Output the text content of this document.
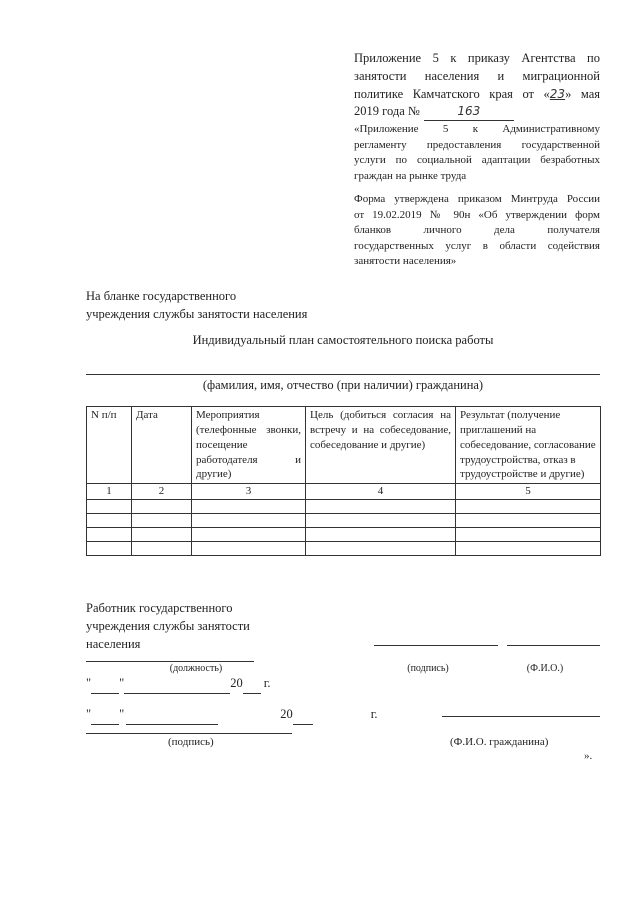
Приложение 5 к приказу Агентства по
занятости населения и миграционной
политике Камчатского края от «23» мая
2019 года №	163
«Приложение 5 к Административному
регламенту предоставления государственной
услуги по социальной адаптации безработных
граждан на рынке труда
Форма утверждена приказом Минтруда России
от 19.02.2019 № 90н «Об утверждении форм
бланков личного дела получателя
государственных услуг в области содействия
занятости населения»
На бланке государственного
учреждения службы занятости населения
Индивидуальный план самостоятельного поиска работы
(фамилия, имя, отчество (при наличии) гражданина)
N п/п	Дата	Мероприятия (телефонные звонки, посещение работодателя и другие)	Цель (добиться согласия на встречу и на собеседование, собеседование и другие)	Результат (получение приглашений на собеседование, согласование трудоустройства, отказ в трудоустройстве и другие)
1	2	3	4	5

Работник государственного
учреждения службы занятости
населения
(должность)	(подпись)	(Ф.И.О.)
" "	20 г.
" "	20	г.
(подпись)	(Ф.И.О. гражданина)
».
